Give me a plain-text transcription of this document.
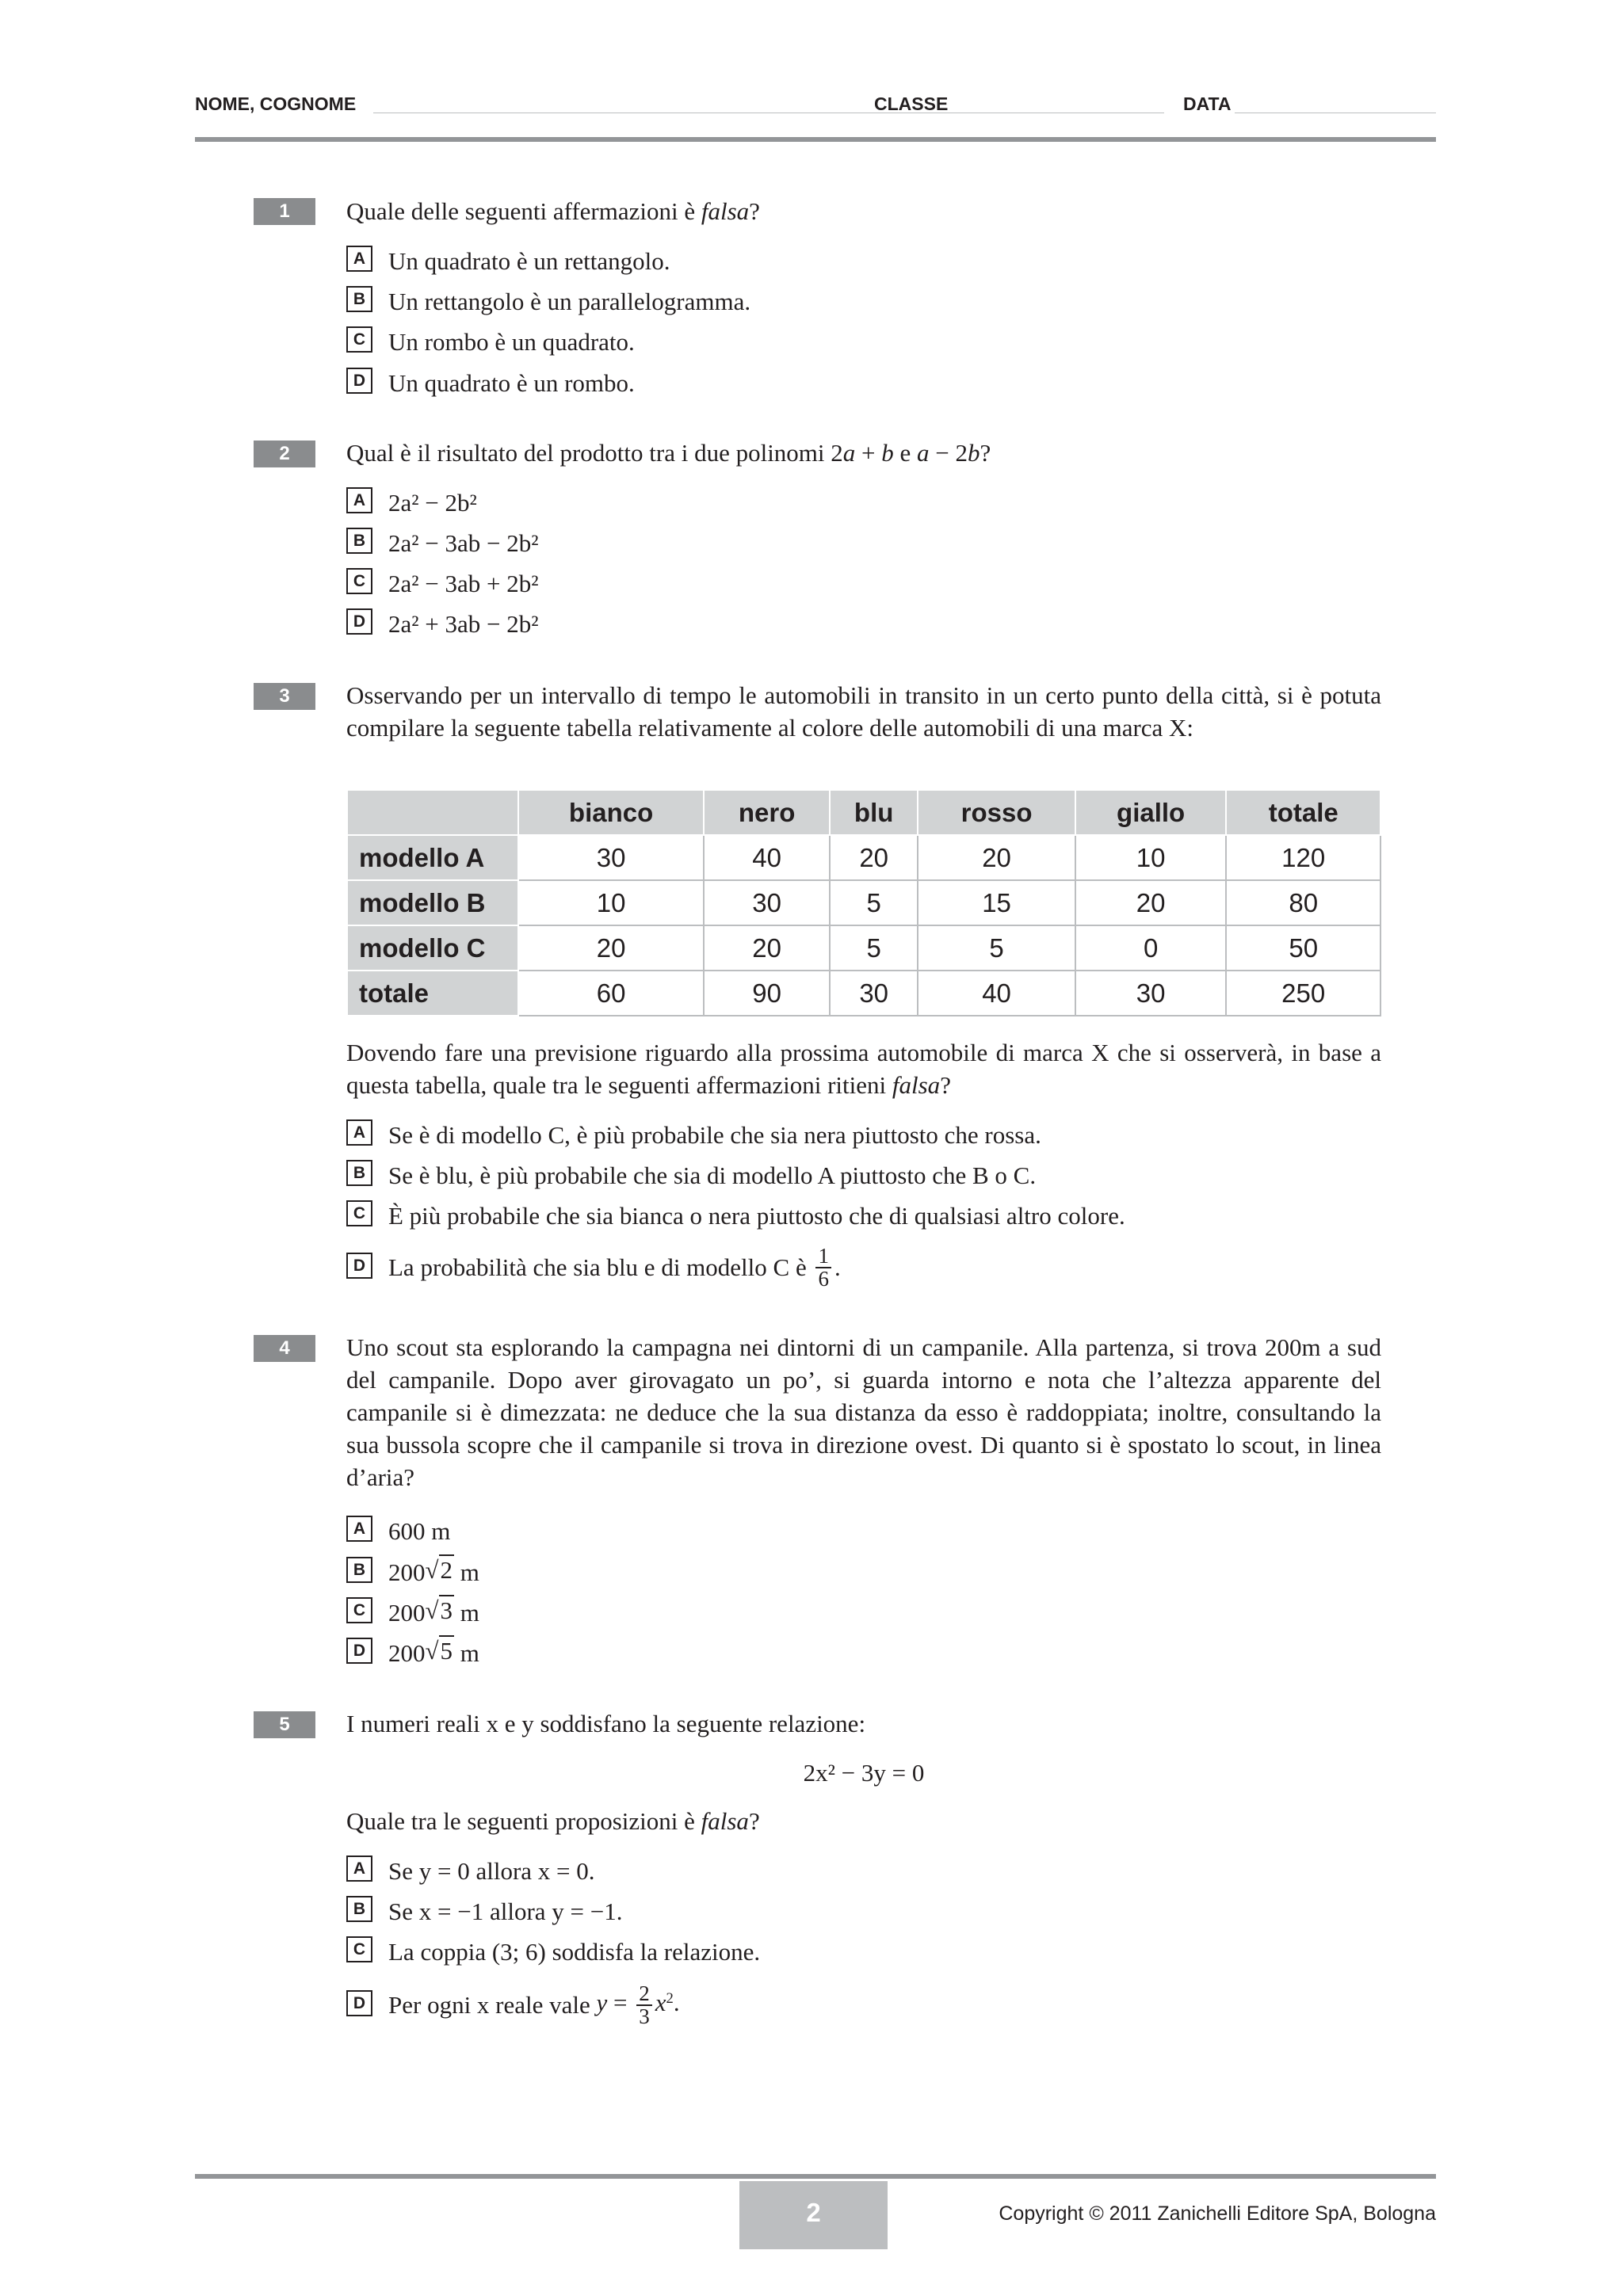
NOME, COGNOME	CLASSE	DATA
1	Quale delle seguenti affermazioni è falsa?
A Un quadrato è un rettangolo.
B Un rettangolo è un parallelogramma.
C Un rombo è un quadrato.
D Un quadrato è un rombo.
2	Qual è il risultato del prodotto tra i due polinomi 2a + b e a − 2b?
A 2a² − 2b²
B 2a² − 3ab − 2b²
C 2a² − 3ab + 2b²
D 2a² + 3ab − 2b²
3	Osservando per un intervallo di tempo le automobili in transito in un certo punto della città, si è potuta compilare la seguente tabella relativamente al colore delle automobili di una marca X:
	bianco	nero	blu	rosso	giallo	totale
modello A	30	40	20	20	10	120
modello B	10	30	5	15	20	80
modello C	20	20	5	5	0	50
totale	60	90	30	40	30	250
Dovendo fare una previsione riguardo alla prossima automobile di marca X che si osserverà, in base a questa tabella, quale tra le seguenti affermazioni ritieni falsa?
A Se è di modello C, è più probabile che sia nera piuttosto che rossa.
B Se è blu, è più probabile che sia di modello A piuttosto che B o C.
C È più probabile che sia bianca o nera piuttosto che di qualsiasi altro colore.
D La probabilità che sia blu e di modello C è $\frac{1}{6}$ .
4	Uno scout sta esplorando la campagna nei dintorni di un campanile. Alla partenza, si trova 200m a sud del campanile. Dopo aver girovagato un po’, si guarda intorno e nota che l’altezza apparente del campanile si è dimezzata: ne deduce che la sua distanza da esso è raddoppiata; inoltre, consultando la sua bussola scopre che il campanile si trova in direzione ovest. Di quanto si è spostato lo scout, in linea d’aria?
A 600 m
B 200√2 m
C 200√3 m
D 200√5 m
5	I numeri reali x e y soddisfano la seguente relazione:
2x² − 3y = 0
Quale tra le seguenti proposizioni è falsa?
A Se y = 0 allora x = 0.
B Se x = −1 allora y = −1.
C La coppia (3; 6) soddisfa la relazione.
D Per ogni x reale vale $y = \frac{2}{3} x^2$.
2	Copyright © 2011 Zanichelli Editore SpA, Bologna
